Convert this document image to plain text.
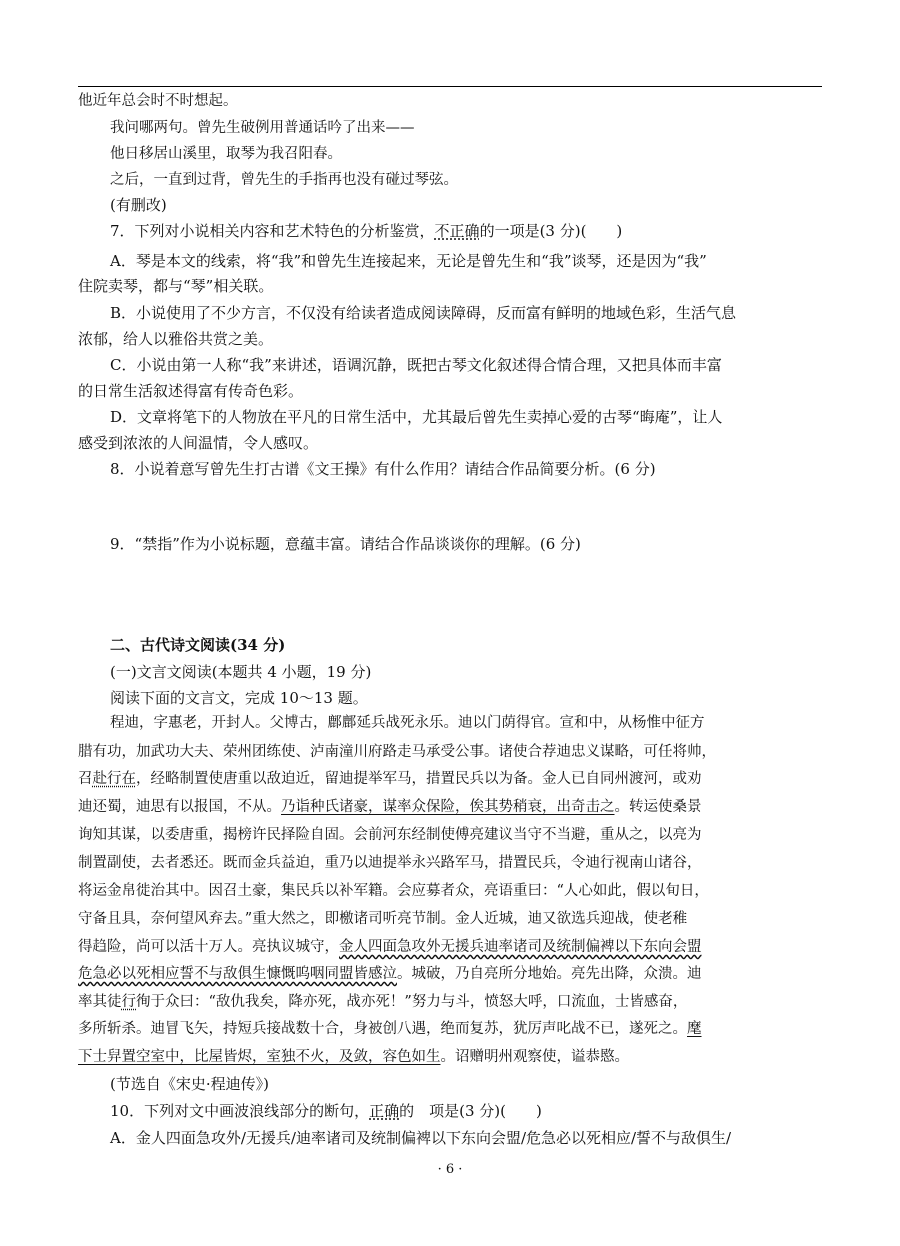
他近年总会时不时想起。
我问哪两句。曾先生破例用普通话吟了出来——
他日移居山溪里，取琴为我召阳春。
之后，一直到过背，曾先生的手指再也没有碰过琴弦。
(有删改)
7．下列对小说相关内容和艺术特色的分析鉴赏，不正确的一项是(3 分)(　　)
A．琴是本文的线索，将“我”和曾先生连接起来，无论是曾先生和“我”谈琴，还是因为“我”
住院卖琴，都与“琴”相关联。
B．小说使用了不少方言，不仅没有给读者造成阅读障碍，反而富有鲜明的地域色彩，生活气息
浓郁，给人以雅俗共赏之美。
C．小说由第一人称“我”来讲述，语调沉静，既把古琴文化叙述得合情合理，又把具体而丰富
的日常生活叙述得富有传奇色彩。
D．文章将笔下的人物放在平凡的日常生活中，尤其最后曾先生卖掉心爱的古琴“晦庵”，让人
感受到浓浓的人间温情，令人感叹。
8．小说着意写曾先生打古谱《文王操》有什么作用？请结合作品简要分析。(6 分)
9．“禁指”作为小说标题，意蕴丰富。请结合作品谈谈你的理解。(6 分)
二、古代诗文阅读(34 分)
(一)文言文阅读(本题共 4 小题，19 分)
阅读下面的文言文，完成 10～13 题。
程迪，字惠老，开封人。父博古，鄜鄜延兵战死永乐。迪以门荫得官。宣和中，从杨惟中征方
腊有功，加武功大夫、荣州团练使、泸南潼川府路走马承受公事。诸使合荐迪忠义谋略，可任将帅，
召赴行在，经略制置使唐重以敌迫近，留迪提举军马，措置民兵以为备。金人已自同州渡河，或劝
迪还蜀，迪思有以报国，不从。乃诣种氏诸豪，谋率众保险，俟其势稍衰，出奇击之。转运使桑景
询知其谋，以委唐重，揭榜许民择险自固。会前河东经制使傅亮建议当守不当避，重从之，以亮为
制置副使，去者悉还。既而金兵益迫，重乃以迪提举永兴路军马，措置民兵，令迪行视南山诸谷，
将运金帛徙治其中。因召土豪，集民兵以补军籍。会应募者众，亮语重曰：“人心如此，假以旬日，
守备且具，奈何望风弃去。”重大然之，即檄诸司听亮节制。金人近城，迪又欲选兵迎战，使老稚
得趋险，尚可以活十万人。亮执议城守，金人四面急攻外无援兵迪率诸司及统制偏裨以下东向会盟
危急必以死相应誓不与敌俱生慷慨呜咽同盟皆感泣。城破，乃自亮所分地始。亮先出降，众溃。迪
率其徒行徇于众曰：“敌仇我矣，降亦死，战亦死！”努力与斗，愤怒大呼，口流血，士皆感奋，
多所斩杀。迪冒飞矢，持短兵接战数十合，身被创八遇，绝而复苏，犹厉声叱战不已，遂死之。麾
下士舁置空室中，比屋皆烬，室独不火，及敛，容色如生。诏赠明州观察使，谥恭愍。
(节选自《宋史·程迪传》)
10．下列对文中画波浪线部分的断句，正确的　项是(3 分)(　　)
A．金人四面急攻外/无援兵/迪率诸司及统制偏裨以下东向会盟/危急必以死相应/誓不与敌俱生/
· 6 ·
